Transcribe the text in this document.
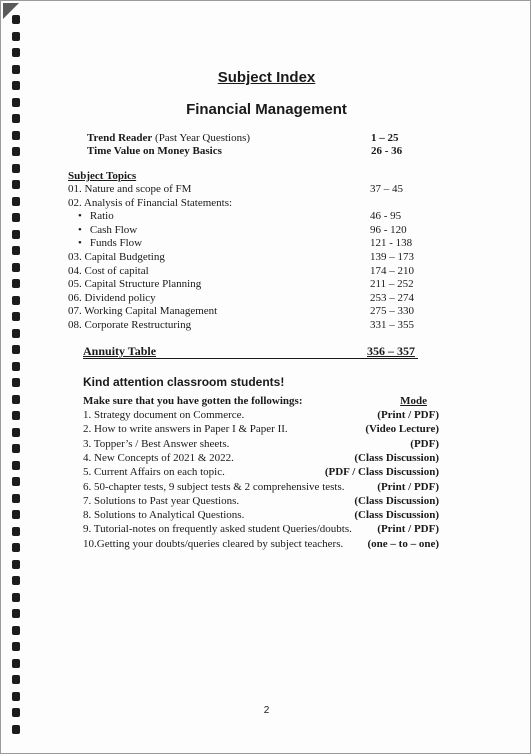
Subject Index
Financial Management
Trend Reader (Past Year Questions)	1 – 25
Time Value on Money Basics	26 - 36
Subject Topics
01. Nature and scope of FM	37 – 45
02. Analysis of Financial Statements:
• Ratio	46 - 95
• Cash Flow	96 - 120
• Funds Flow	121 - 138
03. Capital Budgeting	139 – 173
04. Cost of capital	174 – 210
05. Capital Structure Planning	211 – 252
06. Dividend policy	253 – 274
07. Working Capital Management	275 – 330
08. Corporate Restructuring	331 – 355
Annuity Table	356 – 357
Kind attention classroom students!
Make sure that you have gotten the followings:	Mode
1. Strategy document on Commerce.	(Print / PDF)
2. How to write answers in Paper I & Paper II.	(Video Lecture)
3. Topper’s / Best Answer sheets.	(PDF)
4. New Concepts of 2021 & 2022.	(Class Discussion)
5. Current Affairs on each topic.	(PDF / Class Discussion)
6. 50-chapter tests, 9 subject tests & 2 comprehensive tests.	(Print / PDF)
7. Solutions to Past year Questions.	(Class Discussion)
8. Solutions to Analytical Questions.	(Class Discussion)
9. Tutorial-notes on frequently asked student Queries/doubts. (Print / PDF)
10.Getting your doubts/queries cleared by subject teachers. (one – to – one)
2
